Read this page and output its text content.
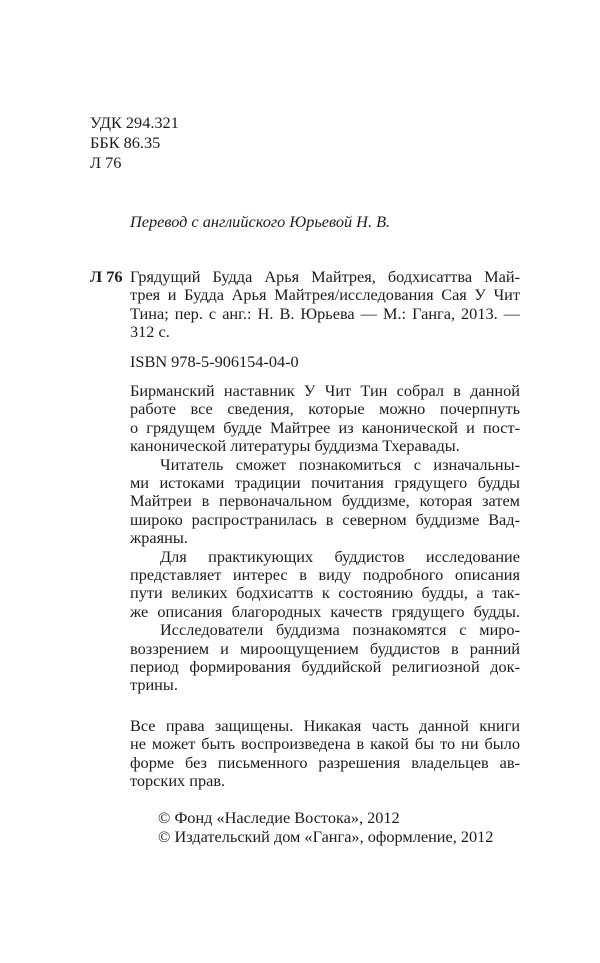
УДК 294.321
ББК 86.35
Л 76
Перевод с английского Юрьевой Н. В.
Л 76 Грядущий Будда Арья Майтрея, бодхисаттва Май-
трея и Будда Арья Майтрея/исследования Сая У Чит
Тина; пер. с анг.: Н. В. Юрьева — М.: Ганга, 2013. —
312 с.
ISBN 978-5-906154-04-0
Бирманский наставник У Чит Тин собрал в данной
работе все сведения, которые можно почерпнуть
о грядущем будде Майтрее из канонической и пост-
канонической литературы буддизма Тхеравады.
Читатель сможет познакомиться с изначальны-
ми истоками традиции почитания грядущего будды
Майтреи в первоначальном буддизме, которая затем
широко распространилась в северном буддизме Вад-
жраяны.
Для практикующих буддистов исследование
представляет интерес в виду подробного описания
пути великих бодхисаттв к состоянию будды, а так-
же описания благородных качеств грядущего будды.
Исследователи буддизма познакомятся с миро-
воззрением и мироощущением буддистов в ранний
период формирования буддийской религиозной док-
трины.
Все права защищены. Никакая часть данной книги
не может быть воспроизведена в какой бы то ни было
форме без письменного разрешения владельцев ав-
торских прав.
© Фонд «Наследие Востока», 2012
© Издательский дом «Ганга», оформление, 2012
